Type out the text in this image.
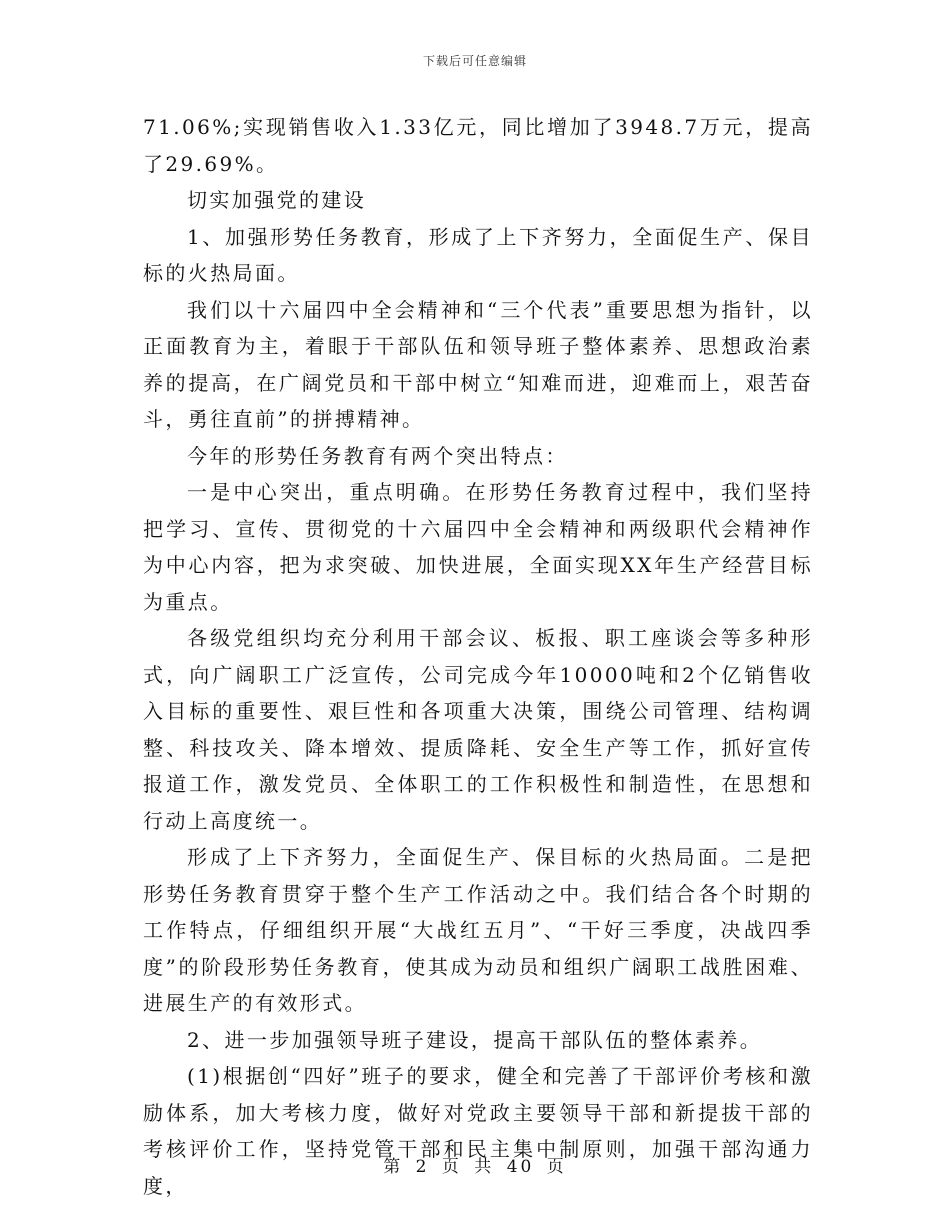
下载后可任意编辑

71.06%;实现销售收入1.33亿元，同比增加了3948.7万元，提高了29.69%。

切实加强党的建设

1、加强形势任务教育，形成了上下齐努力，全面促生产、保目标的火热局面。

我们以十六届四中全会精神和“三个代表”重要思想为指针，以正面教育为主，着眼于干部队伍和领导班子整体素养、思想政治素养的提高，在广阔党员和干部中树立“知难而进，迎难而上，艰苦奋斗，勇往直前”的拼搏精神。

今年的形势任务教育有两个突出特点：

一是中心突出，重点明确。在形势任务教育过程中，我们坚持把学习、宣传、贯彻党的十六届四中全会精神和两级职代会精神作为中心内容，把为求突破、加快进展，全面实现XX年生产经营目标为重点。

各级党组织均充分利用干部会议、板报、职工座谈会等多种形式，向广阔职工广泛宣传，公司完成今年10000吨和2个亿销售收入目标的重要性、艰巨性和各项重大决策，围绕公司管理、结构调整、科技攻关、降本增效、提质降耗、安全生产等工作，抓好宣传报道工作，激发党员、全体职工的工作积极性和制造性，在思想和行动上高度统一。

形成了上下齐努力，全面促生产、保目标的火热局面。二是把形势任务教育贯穿于整个生产工作活动之中。我们结合各个时期的工作特点，仔细组织开展“大战红五月”、“干好三季度，决战四季度”的阶段形势任务教育，使其成为动员和组织广阔职工战胜困难、进展生产的有效形式。

2、进一步加强领导班子建设，提高干部队伍的整体素养。

(1)根据创“四好”班子的要求，健全和完善了干部评价考核和激励体系，加大考核力度，做好对党政主要领导干部和新提拔干部的考核评价工作，坚持党管干部和民主集中制原则，加强干部沟通力度，

第 2 页 共 40 页
